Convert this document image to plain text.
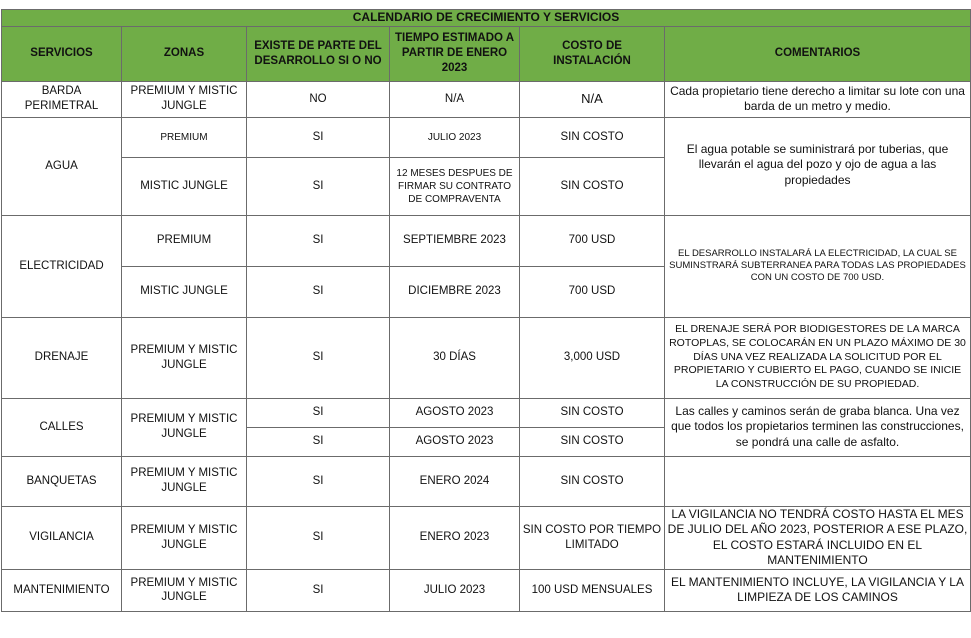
CALENDARIO DE CRECIMIENTO Y SERVICIOS					
SERVICIOS	ZONAS	EXISTE DE PARTE DEL DESARROLLO SI O NO	TIEMPO ESTIMADO A PARTIR DE ENERO 2023	COSTO DE INSTALACIÓN	COMENTARIOS
BARDA PERIMETRAL	PREMIUM Y MISTIC JUNGLE	NO	N/A	N/A	Cada propietario tiene derecho a limitar su lote con una barda de un metro y medio.
AGUA	PREMIUM	SI	JULIO 2023	SIN COSTO	El agua potable se suministrará por tuberias, que llevarán el agua del pozo y ojo de agua a las propiedades
	MISTIC JUNGLE	SI	12 MESES DESPUES DE FIRMAR SU CONTRATO DE COMPRAVENTA	SIN COSTO	
ELECTRICIDAD	PREMIUM	SI	SEPTIEMBRE 2023	700 USD	EL DESARROLLO INSTALARÁ LA ELECTRICIDAD, LA CUAL SE SUMINSTRARÁ SUBTERRANEA PARA TODAS LAS PROPIEDADES CON UN COSTO DE 700 USD.
	MISTIC JUNGLE	SI	DICIEMBRE 2023	700 USD	
DRENAJE	PREMIUM Y MISTIC JUNGLE	SI	30 DÍAS	3,000 USD	EL DRENAJE SERÁ POR BIODIGESTORES DE LA MARCA ROTOPLAS, SE COLOCARÁN EN UN PLAZO MÁXIMO DE 30 DÍAS UNA VEZ REALIZADA LA SOLICITUD POR EL PROPIETARIO Y CUBIERTO EL PAGO, CUANDO SE INICIE LA CONSTRUCCIÓN DE SU PROPIEDAD.
CALLES	PREMIUM Y MISTIC JUNGLE	SI	AGOSTO 2023	SIN COSTO	Las calles y caminos serán de graba blanca. Una vez que todos los propietarios terminen las construcciones, se pondrá una calle de asfalto.
		SI	AGOSTO 2023	SIN COSTO	
BANQUETAS	PREMIUM Y MISTIC JUNGLE	SI	ENERO 2024	SIN COSTO	
VIGILANCIA	PREMIUM Y MISTIC JUNGLE	SI	ENERO 2023	SIN COSTO POR TIEMPO LIMITADO	LA VIGILANCIA NO TENDRÁ COSTO HASTA EL MES DE JULIO DEL AÑO 2023, POSTERIOR A ESE PLAZO, EL COSTO ESTARÁ INCLUIDO EN EL MANTENIMIENTO
MANTENIMIENTO	PREMIUM Y MISTIC JUNGLE	SI	JULIO 2023	100 USD MENSUALES	EL MANTENIMIENTO INCLUYE, LA VIGILANCIA Y LA LIMPIEZA DE LOS CAMINOS
